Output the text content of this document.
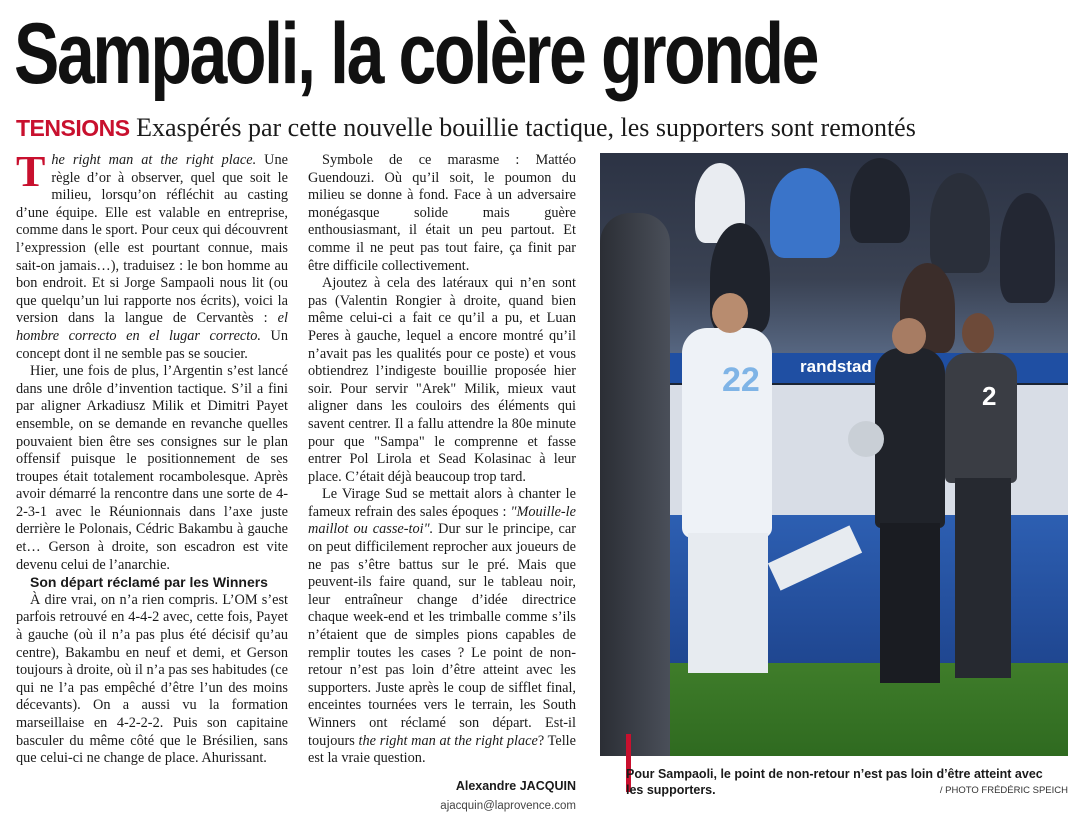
Sampaoli, la colère gronde
TENSIONS Exaspérés par cette nouvelle bouillie tactique, les supporters sont remontés

The right man at the right place. Une règle d’or à observer, quel que soit le milieu, lorsqu’on réfléchit au casting d’une équipe. Elle est valable en entreprise, comme dans le sport. Pour ceux qui découvrent l’expression (elle est pourtant connue, mais sait-on jamais…), traduisez : le bon homme au bon endroit. Et si Jorge Sampaoli nous lit (ou que quelqu’un lui rapporte nos écrits), voici la version dans la langue de Cervantès : el hombre correcto en el lugar correcto. Un concept dont il ne semble pas se soucier.

Hier, une fois de plus, l’Argentin s’est lancé dans une drôle d’invention tactique. S’il a fini par aligner Arkadiusz Milik et Dimitri Payet ensemble, on se demande en revanche quelles pouvaient bien être ses consignes sur le plan offensif puisque le positionnement de ses troupes était totalement rocambolesque. Après avoir démarré la rencontre dans une sorte de 4-2-3-1 avec le Réunionnais dans l’axe juste derrière le Polonais, Cédric Bakambu à gauche et… Gerson à droite, son escadron est vite devenu celui de l’anarchie.

Son départ réclamé par les Winners

À dire vrai, on n’a rien compris. L’OM s’est parfois retrouvé en 4-4-2 avec, cette fois, Payet à gauche (où il n’a pas plus été décisif qu’au centre), Bakambu en neuf et demi, et Gerson toujours à droite, où il n’a pas ses habitudes (ce qui ne l’a pas empêché d’être l’un des moins décevants). On a aussi vu la formation marseillaise en 4-2-2-2. Puis son capitaine basculer du même côté que le Brésilien, sans que celui-ci ne change de place. Ahurissant.

Symbole de ce marasme : Mattéo Guendouzi. Où qu’il soit, le poumon du milieu se donne à fond. Face à un adversaire monégasque solide mais guère enthousiasmant, il était un peu partout. Et comme il ne peut pas tout faire, ça finit par être difficile collectivement.

Ajoutez à cela des latéraux qui n’en sont pas (Valentin Rongier à droite, quand bien même celui-ci a fait ce qu’il a pu, et Luan Peres à gauche, lequel a encore montré qu’il n’avait pas les qualités pour ce poste) et vous obtiendrez l’indigeste bouillie proposée hier soir. Pour servir "Arek" Milik, mieux vaut aligner dans les couloirs des éléments qui savent centrer. Il a fallu attendre la 80e minute pour que "Sampa" le comprenne et fasse entrer Pol Lirola et Sead Kolasinac à leur place. C’était déjà beaucoup trop tard.

Le Virage Sud se mettait alors à chanter le fameux refrain des sales époques : "Mouille-le maillot ou casse-toi". Dur sur le principe, car on peut difficilement reprocher aux joueurs de ne pas s’être battus sur le pré. Mais que peuvent-ils faire quand, sur le tableau noir, leur entraîneur change d’idée directrice chaque week-end et les trimballe comme s’ils n’étaient que de simples pions capables de remplir toutes les cases ? Le point de non-retour n’est pas loin d’être atteint avec les supporters. Juste après le coup de sifflet final, enceintes tournées vers le terrain, les South Winners ont réclamé son départ. Est-il toujours the right man at the right place? Telle est la vraie question.

Alexandre JACQUIN
ajacquin@laprovence.com
randstad
22	2
Pour Sampaoli, le point de non-retour n’est pas loin d’être atteint avec les supporters.	/ PHOTO FRÉDÉRIC SPEICH
